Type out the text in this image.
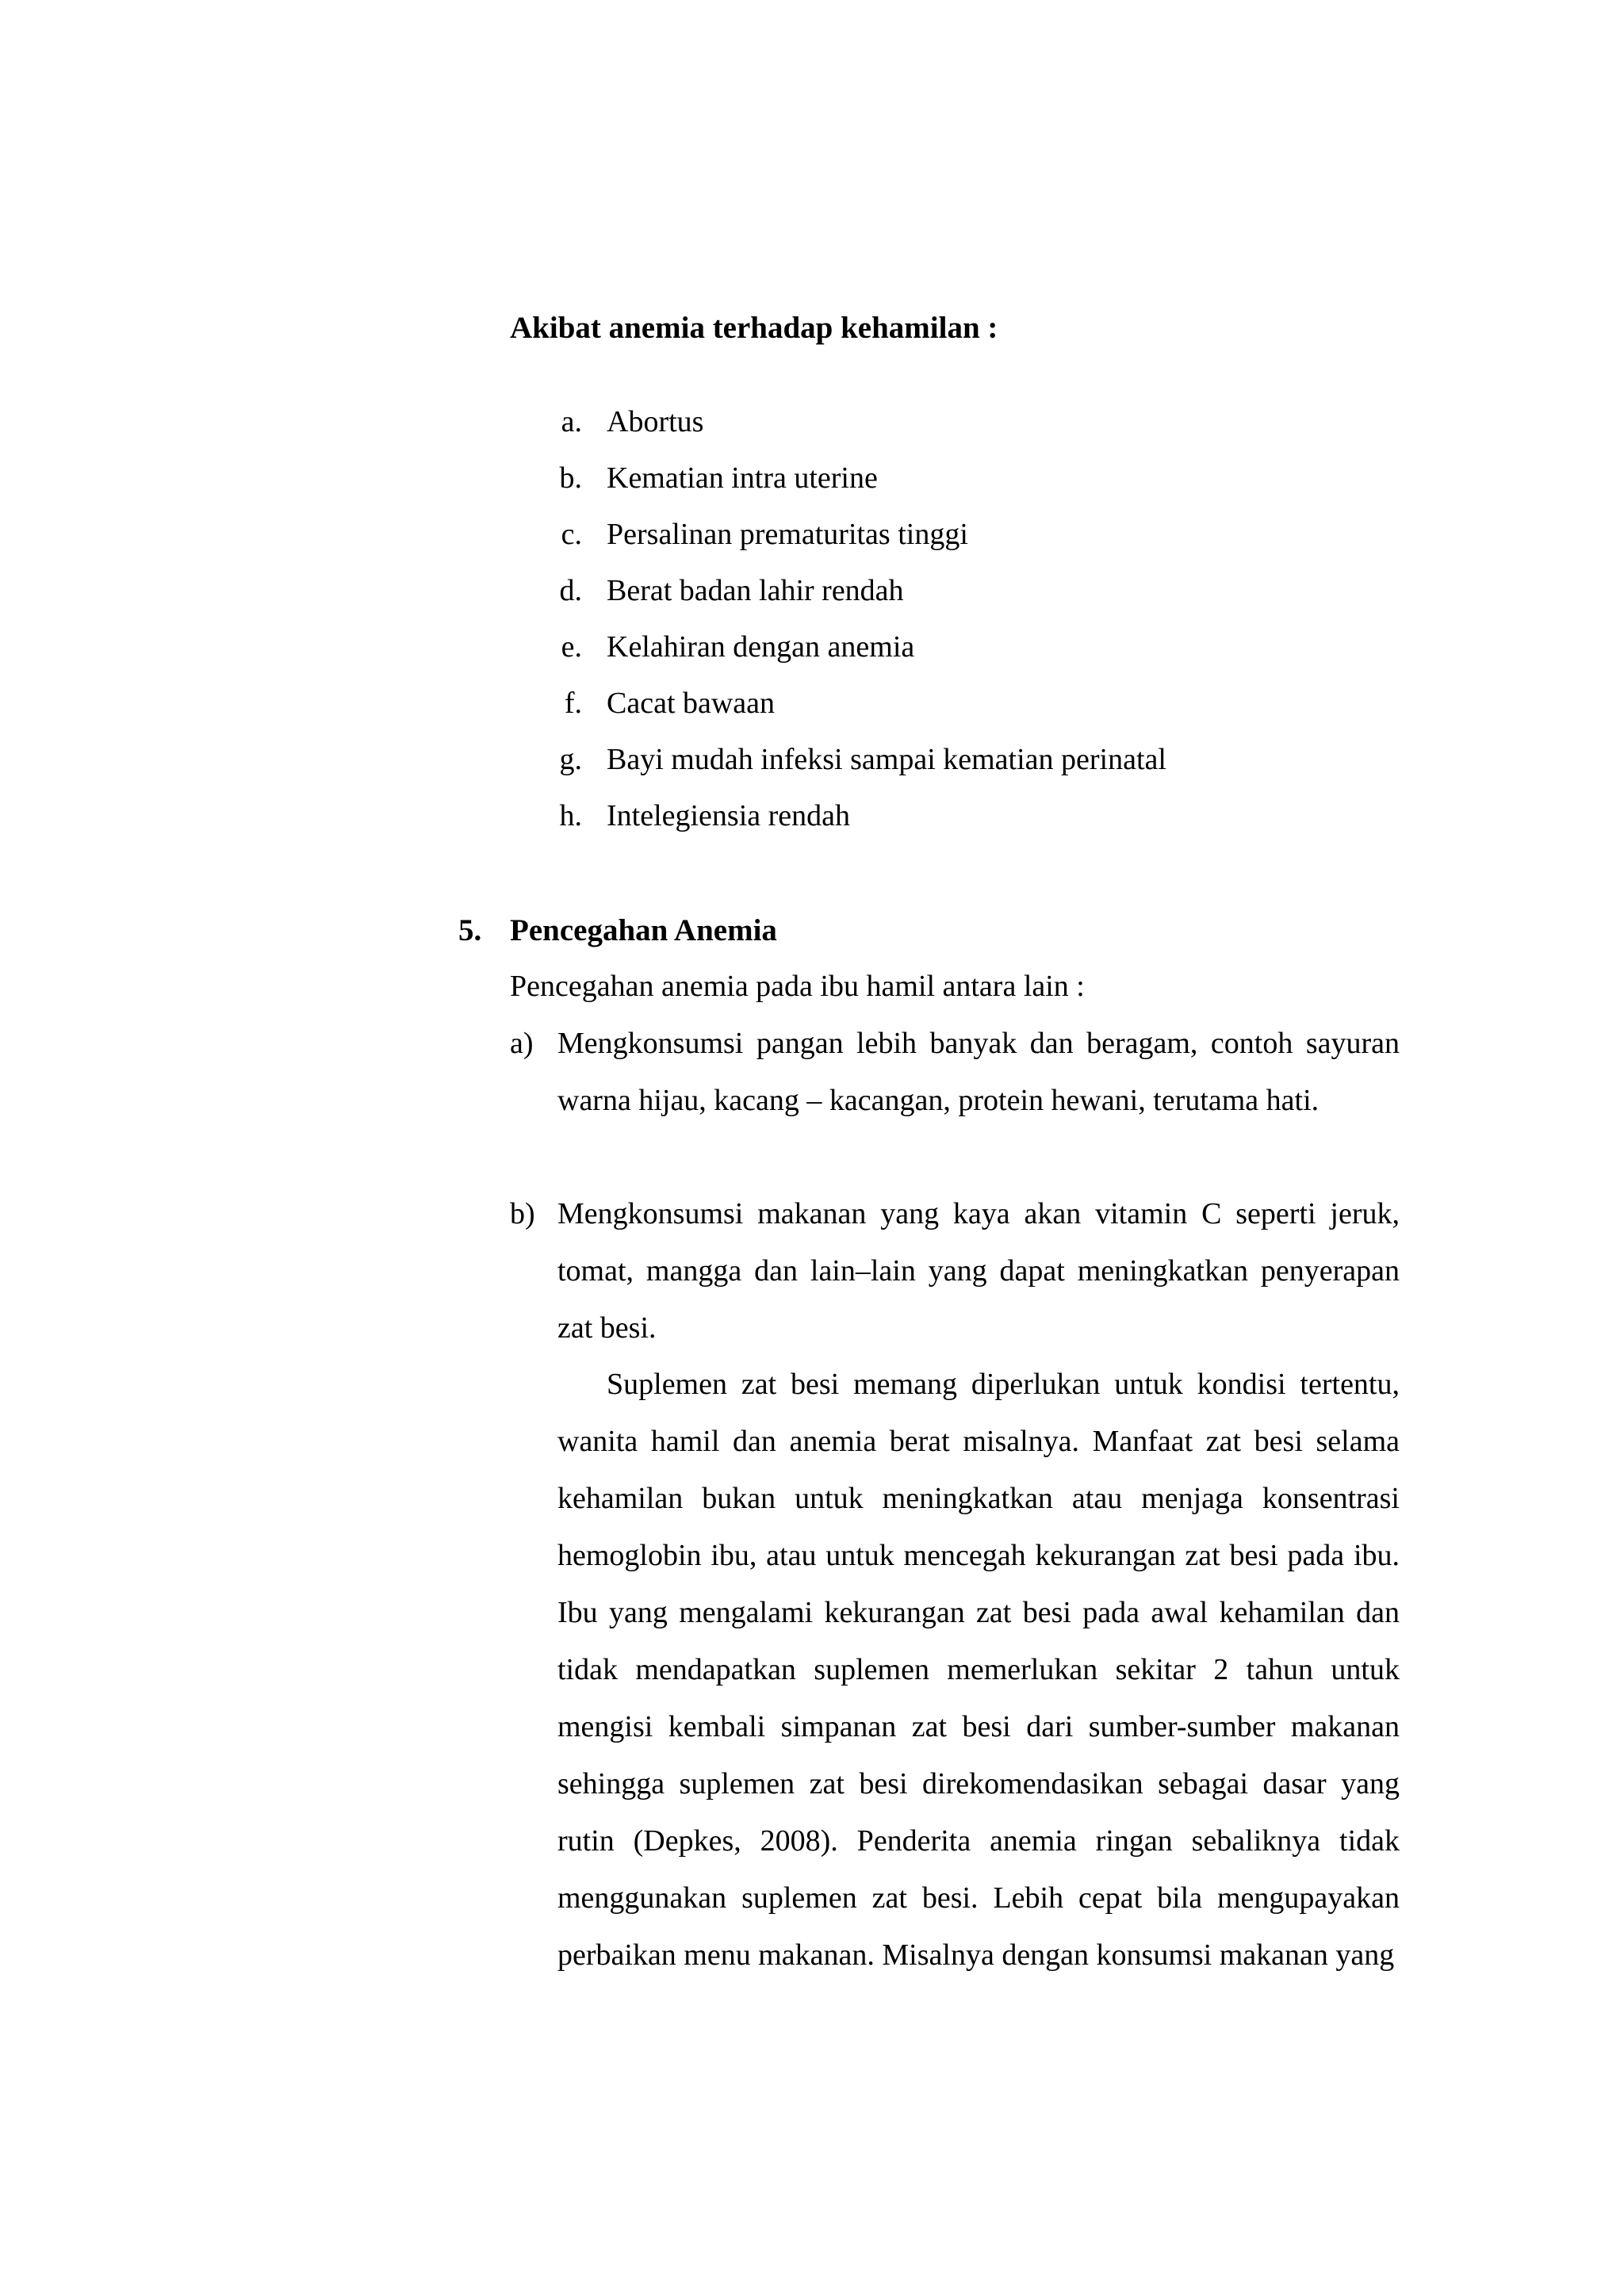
Akibat anemia terhadap kehamilan :
a. Abortus
b. Kematian intra uterine
c. Persalinan prematuritas tinggi
d. Berat badan lahir rendah
e. Kelahiran dengan anemia
f. Cacat bawaan
g. Bayi mudah infeksi sampai kematian perinatal
h. Intelegiensia rendah
5. Pencegahan Anemia
Pencegahan anemia pada ibu hamil antara lain :
a) Mengkonsumsi pangan lebih banyak dan beragam, contoh sayuran warna hijau, kacang – kacangan, protein hewani, terutama hati.

b) Mengkonsumsi makanan yang kaya akan vitamin C seperti jeruk, tomat, mangga dan lain–lain yang dapat meningkatkan penyerapan zat besi.

Suplemen zat besi memang diperlukan untuk kondisi tertentu, wanita hamil dan anemia berat misalnya. Manfaat zat besi selama kehamilan bukan untuk meningkatkan atau menjaga konsentrasi hemoglobin ibu, atau untuk mencegah kekurangan zat besi pada ibu. Ibu yang mengalami kekurangan zat besi pada awal kehamilan dan tidak mendapatkan suplemen memerlukan sekitar 2 tahun untuk mengisi kembali simpanan zat besi dari sumber-sumber makanan sehingga suplemen zat besi direkomendasikan sebagai dasar yang rutin (Depkes, 2008). Penderita anemia ringan sebaliknya tidak menggunakan suplemen zat besi. Lebih cepat bila mengupayakan perbaikan menu makanan. Misalnya dengan konsumsi makanan yang
